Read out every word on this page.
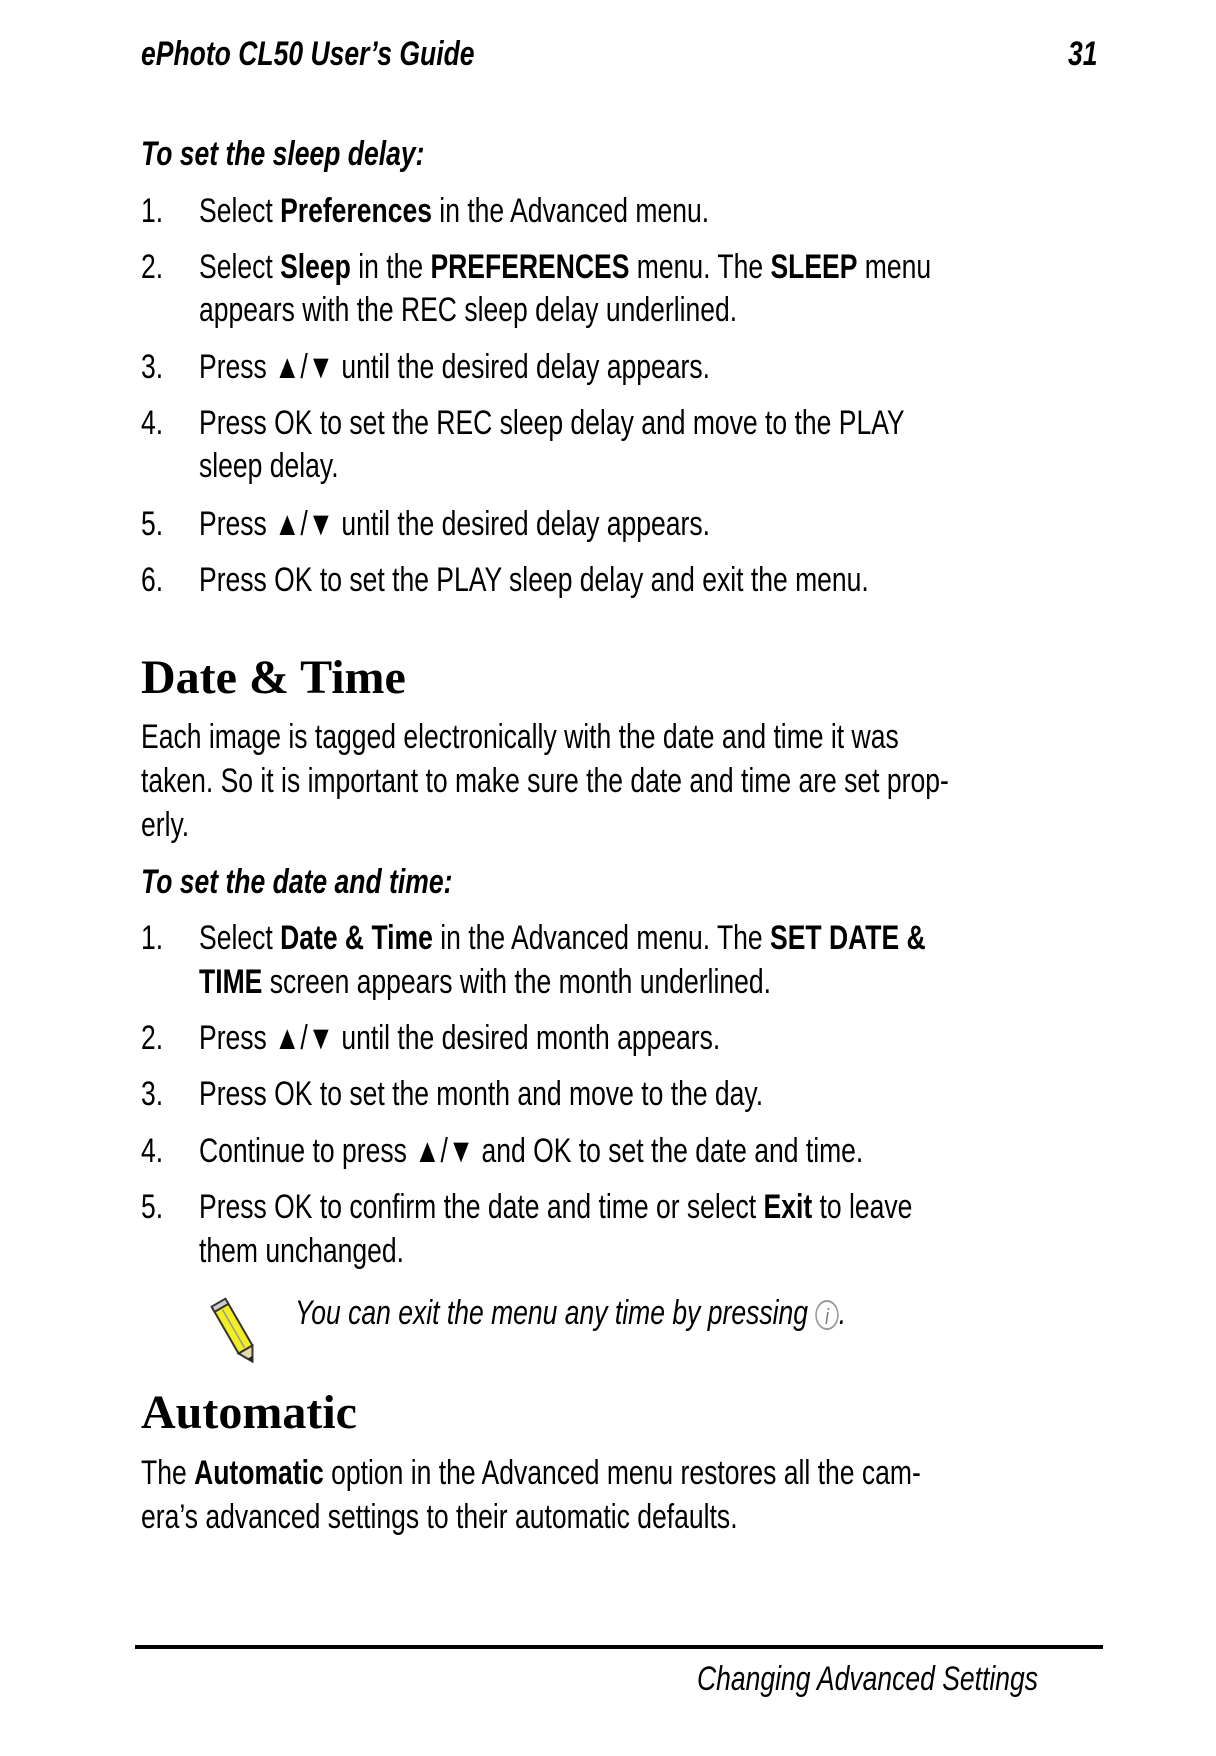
ePhoto CL50 User’s Guide	31
To set the sleep delay:
1. Select Preferences in the Advanced menu.
2. Select Sleep in the PREFERENCES menu. The SLEEP menu
appears with the REC sleep delay underlined.
3. Press ▲/▼ until the desired delay appears.
4. Press OK to set the REC sleep delay and move to the PLAY
sleep delay.
5. Press ▲/▼ until the desired delay appears.
6. Press OK to set the PLAY sleep delay and exit the menu.
Date & Time
Each image is tagged electronically with the date and time it was
taken. So it is important to make sure the date and time are set prop-
erly.
To set the date and time:
1. Select Date & Time in the Advanced menu. The SET DATE &
TIME screen appears with the month underlined.
2. Press ▲/▼ until the desired month appears.
3. Press OK to set the month and move to the day.
4. Continue to press ▲/▼ and OK to set the date and time.
5. Press OK to confirm the date and time or select Exit to leave
them unchanged.
You can exit the menu any time by pressing i .
Automatic
The Automatic option in the Advanced menu restores all the cam-
era’s advanced settings to their automatic defaults.
Changing Advanced Settings
